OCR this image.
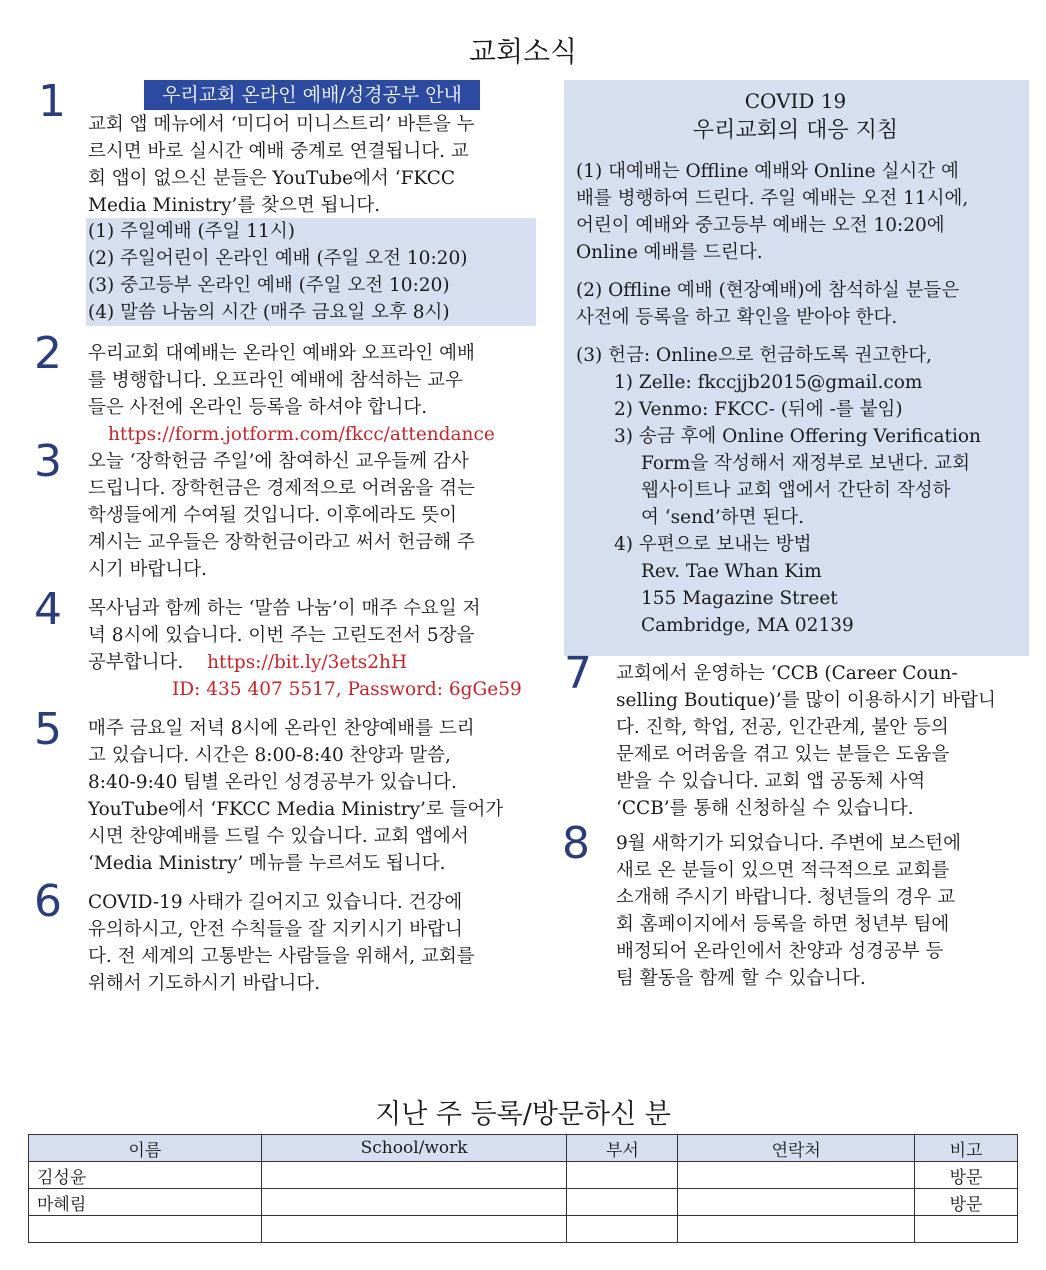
교회소식
1	우리교회 온라인 예배/성경공부 안내
교회 앱 메뉴에서 ‘미디어 미니스트리’ 바튼을 누
르시면 바로 실시간 예배 중계로 연결됩니다. 교
회 앱이 없으신 분들은 YouTube에서 ‘FKCC
Media Ministry’를 찾으면 됩니다.
(1) 주일예배 (주일 11시)
(2) 주일어린이 온라인 예배 (주일 오전 10:20)
(3) 중고등부 온라인 예배 (주일 오전 10:20)
(4) 말씀 나눔의 시간 (매주 금요일 오후 8시)
2 우리교회 대예배는 온라인 예배와 오프라인 예배
를 병행합니다. 오프라인 예배에 참석하는 교우
들은 사전에 온라인 등록을 하셔야 합니다.
https://form.jotform.com/fkcc/attendance
3 오늘 ‘장학헌금 주일’에 참여하신 교우들께 감사
드립니다. 장학헌금은 경제적으로 어려움을 겪는
학생들에게 수여될 것입니다. 이후에라도 뜻이
계시는 교우들은 장학헌금이라고 써서 헌금해 주
시기 바랍니다.
4 목사님과 함께 하는 ‘말씀 나눔’이 매주 수요일 저
녁 8시에 있습니다. 이번 주는 고린도전서 5장을
공부합니다. https://bit.ly/3ets2hH
ID: 435 407 5517, Password: 6gGe59
5 매주 금요일 저녁 8시에 온라인 찬양예배를 드리
고 있습니다. 시간은 8:00-8:40 찬양과 말씀,
8:40-9:40 팀별 온라인 성경공부가 있습니다.
YouTube에서 ‘FKCC Media Ministry’로 들어가
시면 찬양예배를 드릴 수 있습니다. 교회 앱에서
‘Media Ministry’ 메뉴를 누르셔도 됩니다.
6 COVID-19 사태가 길어지고 있습니다. 건강에
유의하시고, 안전 수칙들을 잘 지키시기 바랍니
다. 전 세계의 고통받는 사람들을 위해서, 교회를
위해서 기도하시기 바랍니다.
COVID 19
우리교회의 대응 지침
(1) 대예배는 Offline 예배와 Online 실시간 예
배를 병행하여 드린다. 주일 예배는 오전 11시에,
어린이 예배와 중고등부 예배는 오전 10:20에
Online 예배를 드린다.
(2) Offline 예배 (현장예배)에 참석하실 분들은
사전에 등록을 하고 확인을 받아야 한다.
(3) 헌금: Online으로 헌금하도록 권고한다,
1) Zelle: fkccjjb2015@gmail.com
2) Venmo: FKCC- (뒤에 -를 붙임)
3) 송금 후에 Online Offering Verification
Form을 작성해서 재정부로 보낸다. 교회
웹사이트나 교회 앱에서 간단히 작성하
여 ‘send’하면 된다.
4) 우편으로 보내는 방법
Rev. Tae Whan Kim
155 Magazine Street
Cambridge, MA 02139
7 교회에서 운영하는 ‘CCB (Career Coun-
selling Boutique)’를 많이 이용하시기 바랍니
다. 진학, 학업, 전공, 인간관계, 불안 등의
문제로 어려움을 겪고 있는 분들은 도움을
받을 수 있습니다. 교회 앱 공동체 사역
‘CCB’를 통해 신청하실 수 있습니다.
8 9월 새학기가 되었습니다. 주변에 보스턴에
새로 온 분들이 있으면 적극적으로 교회를
소개해 주시기 바랍니다. 청년들의 경우 교
회 홈페이지에서 등록을 하면 청년부 팀에
배정되어 온라인에서 찬양과 성경공부 등
팀 활동을 함께 할 수 있습니다.
지난 주 등록/방문하신 분
이름	School/work	부서	연락처	비고
김성윤				방문
마혜림				방문
